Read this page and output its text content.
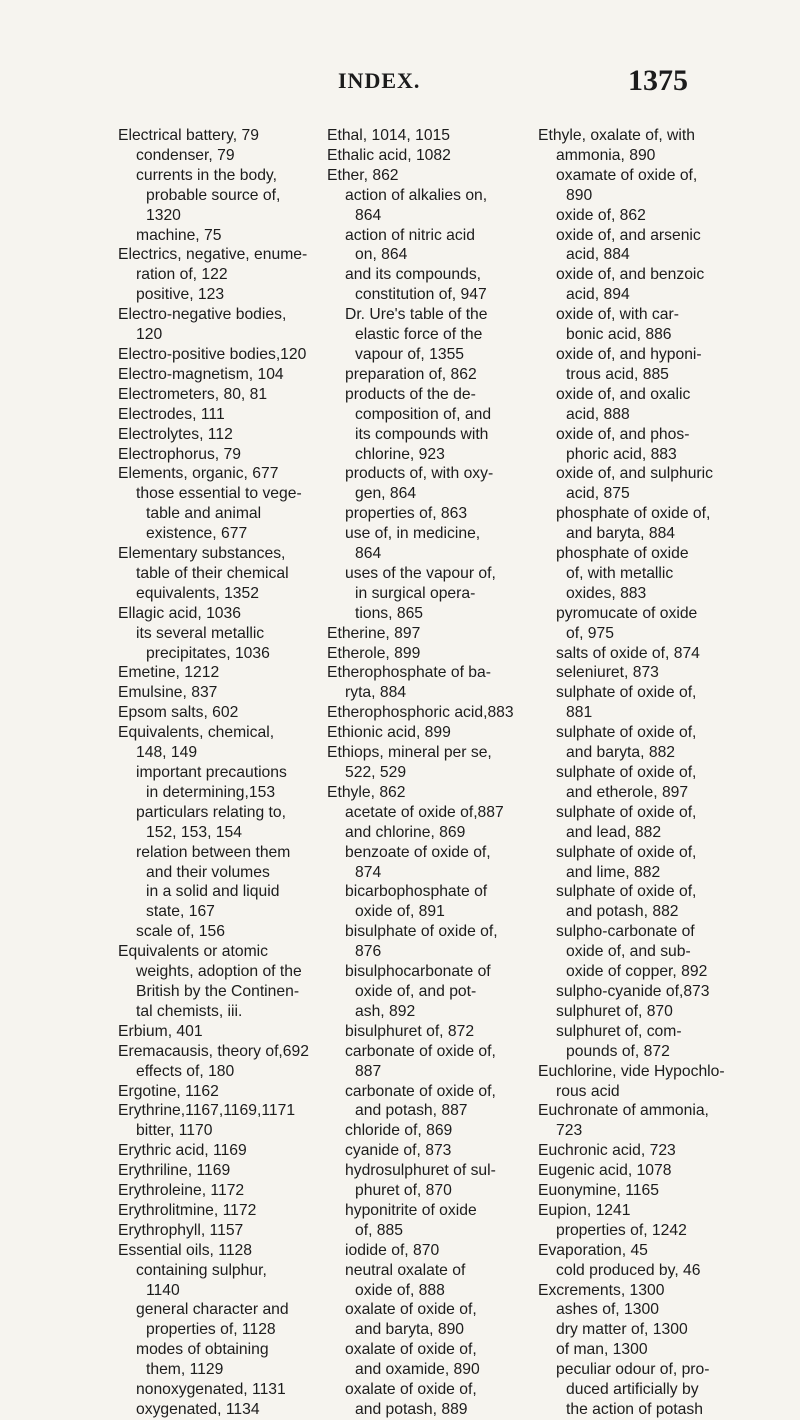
INDEX.	1375
Electrical battery, 79
condenser, 79
currents in the body,
probable source of,
1320
machine, 75
Electrics, negative, enume-
ration of, 122
positive, 123
Electro-negative bodies,
120
Electro-positive bodies,120
Electro-magnetism, 104
Electrometers, 80, 81
Electrodes, 111
Electrolytes, 112
Electrophorus, 79
Elements, organic, 677
those essential to vege-
table and animal
existence, 677
Elementary substances,
table of their chemical
equivalents, 1352
Ellagic acid, 1036
its several metallic
precipitates, 1036
Emetine, 1212
Emulsine, 837
Epsom salts, 602
Equivalents, chemical,
148, 149
important precautions
in determining,153
particulars relating to,
152, 153, 154
relation between them
and their volumes
in a solid and liquid
state, 167
scale of, 156
Equivalents or atomic
weights, adoption of the
British by the Continen-
tal chemists, iii.
Erbium, 401
Eremacausis, theory of,692
effects of, 180
Ergotine, 1162
Erythrine,1167,1169,1171
bitter, 1170
Erythric acid, 1169
Erythriline, 1169
Erythroleine, 1172
Erythrolitmine, 1172
Erythrophyll, 1157
Essential oils, 1128
containing sulphur,
1140
general character and
properties of, 1128
modes of obtaining
them, 1129
nonoxygenated, 1131
oxygenated, 1134
Ethal, 1014, 1015
Ethalic acid, 1082
Ether, 862
action of alkalies on,
864
action of nitric acid
on, 864
and its compounds,
constitution of, 947
Dr. Ure's table of the
elastic force of the
vapour of, 1355
preparation of, 862
products of the de-
composition of, and
its compounds with
chlorine, 923
products of, with oxy-
gen, 864
properties of, 863
use of, in medicine,
864
uses of the vapour of,
in surgical opera-
tions, 865
Etherine, 897
Etherole, 899
Etherophosphate of ba-
ryta, 884
Etherophosphoric acid,883
Ethionic acid, 899
Ethiops, mineral per se,
522, 529
Ethyle, 862
acetate of oxide of,887
and chlorine, 869
benzoate of oxide of,
874
bicarbophosphate of
oxide of, 891
bisulphate of oxide of,
876
bisulphocarbonate of
oxide of, and pot-
ash, 892
bisulphuret of, 872
carbonate of oxide of,
887
carbonate of oxide of,
and potash, 887
chloride of, 869
cyanide of, 873
hydrosulphuret of sul-
phuret of, 870
hyponitrite of oxide
of, 885
iodide of, 870
neutral oxalate of
oxide of, 888
oxalate of oxide of,
and baryta, 890
oxalate of oxide of,
and oxamide, 890
oxalate of oxide of,
and potash, 889
Ethyle, oxalate of, with
ammonia, 890
oxamate of oxide of,
890
oxide of, 862
oxide of, and arsenic
acid, 884
oxide of, and benzoic
acid, 894
oxide of, with car-
bonic acid, 886
oxide of, and hyponi-
trous acid, 885
oxide of, and oxalic
acid, 888
oxide of, and phos-
phoric acid, 883
oxide of, and sulphuric
acid, 875
phosphate of oxide of,
and baryta, 884
phosphate of oxide
of, with metallic
oxides, 883
pyromucate of oxide
of, 975
salts of oxide of, 874
seleniuret, 873
sulphate of oxide of,
881
sulphate of oxide of,
and baryta, 882
sulphate of oxide of,
and etherole, 897
sulphate of oxide of,
and lead, 882
sulphate of oxide of,
and lime, 882
sulphate of oxide of,
and potash, 882
sulpho-carbonate of
oxide of, and sub-
oxide of copper, 892
sulpho-cyanide of,873
sulphuret of, 870
sulphuret of, com-
pounds of, 872
Euchlorine, vide Hypochlo-
rous acid
Euchronate of ammonia,
723
Euchronic acid, 723
Eugenic acid, 1078
Euonymine, 1165
Eupion, 1241
properties of, 1242
Evaporation, 45
cold produced by, 46
Excrements, 1300
ashes of, 1300
dry matter of, 1300
of man, 1300
peculiar odour of, pro-
duced artificially by
the action of potash
